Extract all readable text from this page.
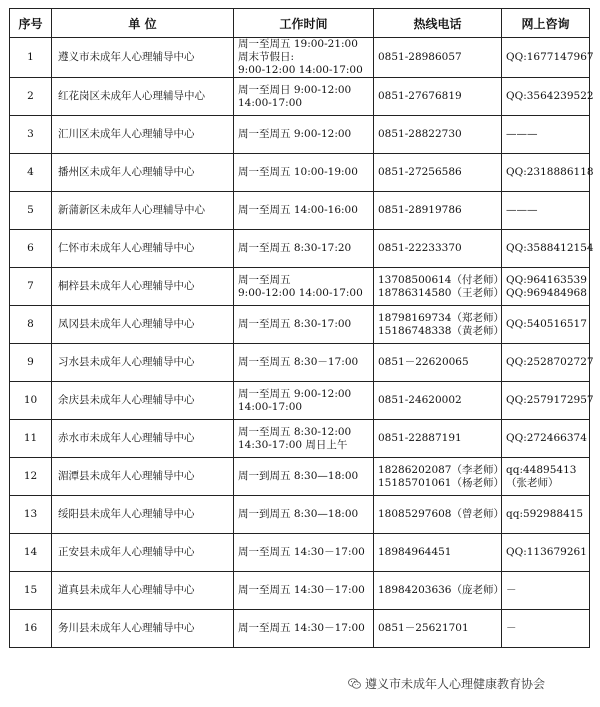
序号	单 位	工作时间	热线电话	网上咨询
1	遵义市未成年人心理辅导中心	周一至周五 19:00-21:00
周末节假日:
9:00-12:00 14:00-17:00	0851-28986057	QQ:1677147967

2	红花岗区未成年人心理辅导中心	周一至周日 9:00-12:00
14:00-17:00	0851-27676819	QQ:3564239522

3	汇川区未成年人心理辅导中心	周一至周五 9:00-12:00	0851-28822730	———

4	播州区未成年人心理辅导中心	周一至周五 10:00-19:00	0851-27256586	QQ:2318886118

5	新蒲新区未成年人心理辅导中心	周一至周五 14:00-16:00	0851-28919786	———

6	仁怀市未成年人心理辅导中心	周一至周五 8:30-17:20	0851-22233370	QQ:3588412154

7	桐梓县未成年人心理辅导中心	周一至周五
9:00-12:00 14:00-17:00	13708500614（付老师）
18786314580（王老师）	QQ:964163539
QQ:969484968

8	凤冈县未成年人心理辅导中心	周一至周五 8:30-17:00	18798169734（郑老师）
15186748338（黄老师）	QQ:540516517

9	习水县未成年人心理辅导中心	周一至周五 8:30－17:00	0851－22620065	QQ:2528702727

10	余庆县未成年人心理辅导中心	周一至周五 9:00-12:00
14:00-17:00	0851-24620002	QQ:2579172957

11	赤水市未成年人心理辅导中心	周一至周五 8:30-12:00
14:30-17:00 周日上午	0851-22887191	QQ:272466374

12	湄潭县未成年人心理辅导中心	周一到周五 8:30—18:00	18286202087（李老师）
15185701061（杨老师）	qq:44895413
（张老师）

13	绥阳县未成年人心理辅导中心	周一到周五 8:30—18:00	18085297608（曾老师）	qq:592988415

14	正安县未成年人心理辅导中心	周一至周五 14:30－17:00	18984964451	QQ:113679261

15	道真县未成年人心理辅导中心	周一至周五 14:30－17:00	18984203636（庞老师）	－

16	务川县未成年人心理辅导中心	周一至周五 14:30－17:00	0851－25621701	－
遵义市未成年人心理健康教育协会
